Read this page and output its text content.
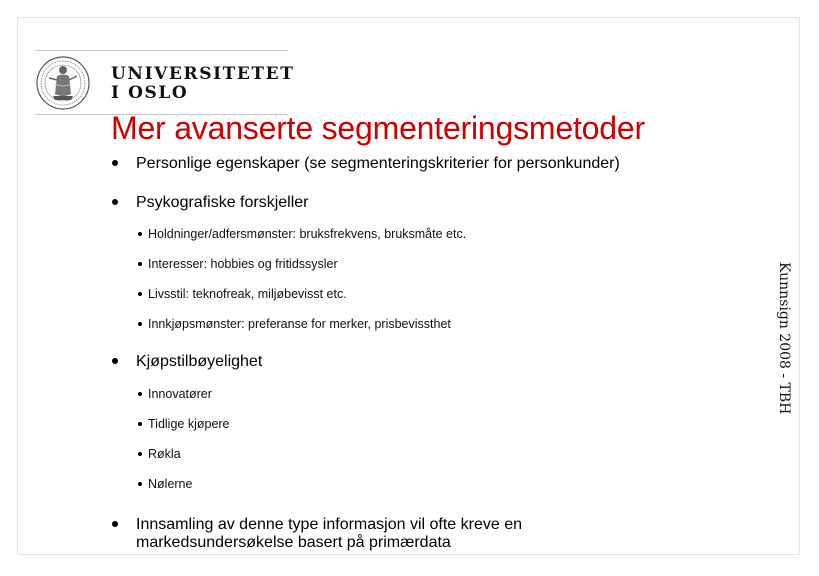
UNIVERSITETET
I OSLO
Mer avanserte segmenteringsmetoder
Personlige egenskaper (se segmenteringskriterier for personkunder)
Psykografiske forskjeller
Holdninger/adfersmønster: bruksfrekvens, bruksmåte etc.
Interesser: hobbies og fritidssysler
Livsstil: teknofreak, miljøbevisst etc.
Innkjøpsmønster: preferanse for merker, prisbevissthet
Kjøpstilbøyelighet
Innovatører
Tidlige kjøpere
Røkla
Nølerne
Innsamling av denne type informasjon vil ofte kreve en
markedsundersøkelse basert på primærdata
Kunnsign 2008 - TBH
